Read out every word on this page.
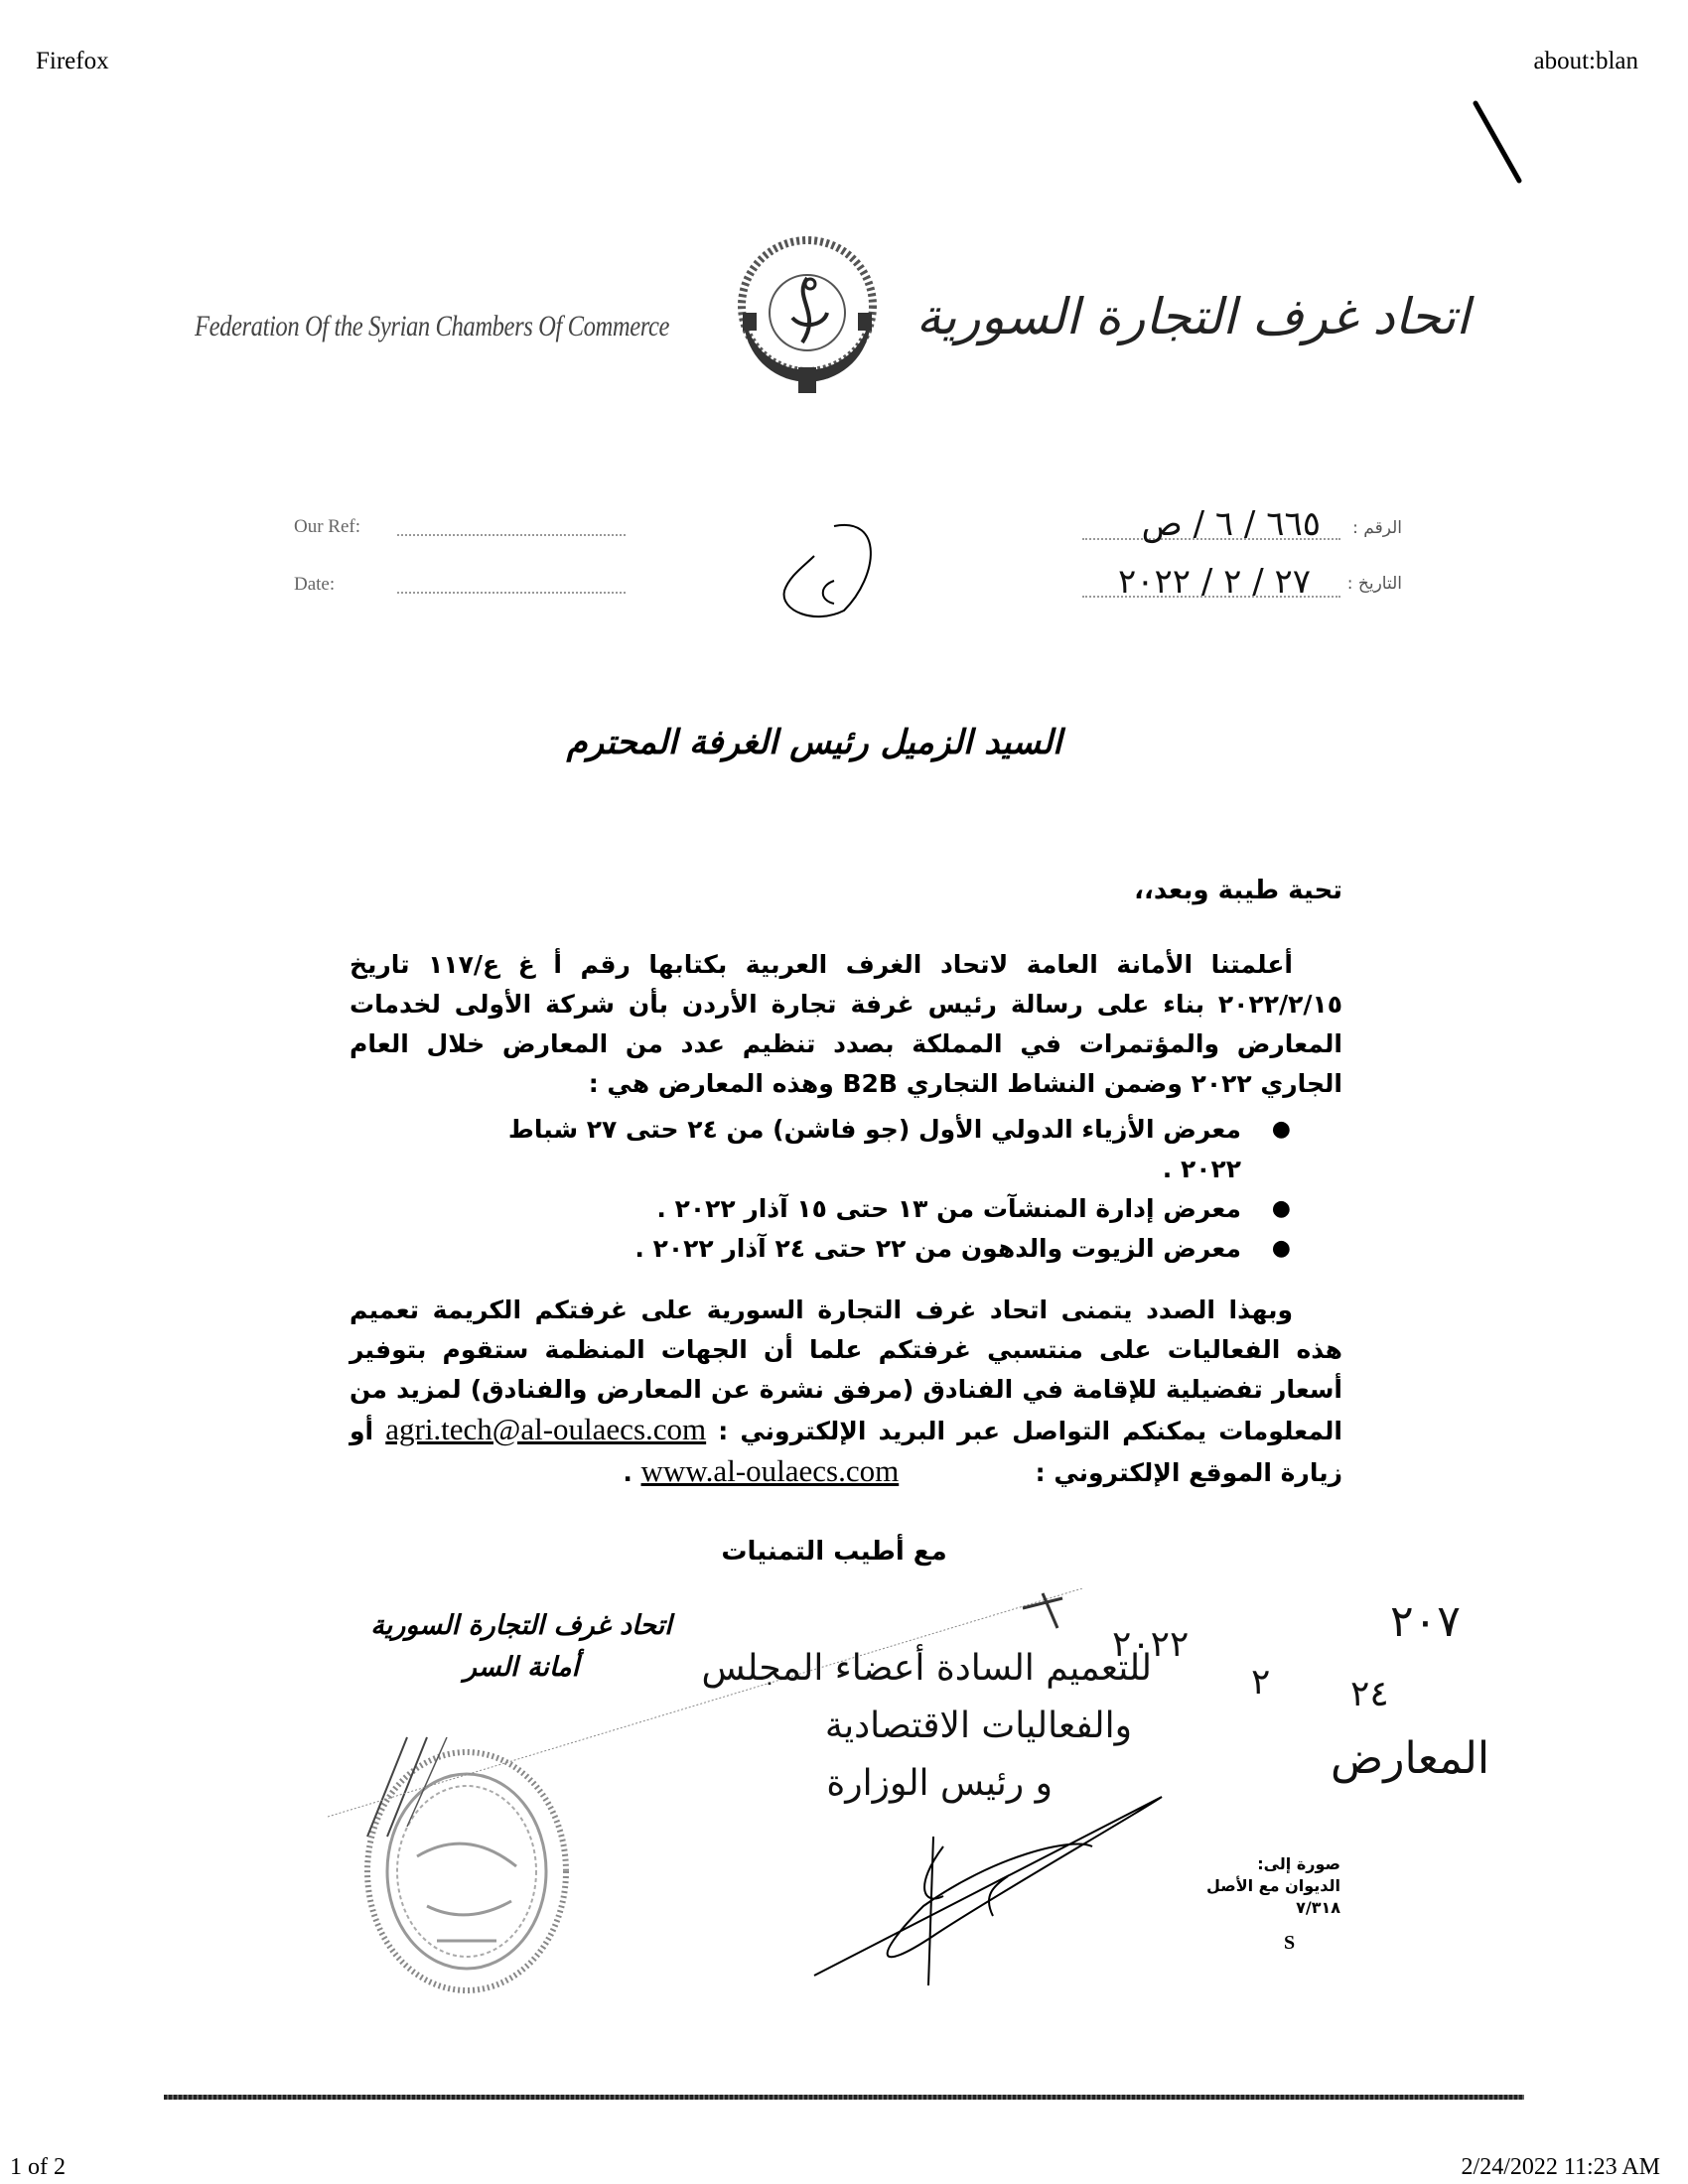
Firefox	about:blan
Federation Of the Syrian Chambers Of Commerce	اتحاد غرف التجارة السورية
Our Ref:
Date:
الرقم :
٦٦٥ / ٦ / ص
التاريخ :
٢٧ / ٢ / ٢٠٢٢
السيد الزميل رئيس الغرفة المحترم
تحية طيبة وبعد،،
أعلمتنا الأمانة العامة لاتحاد الغرف العربية بكتابها رقم أ غ ع/١١٧ تاريخ ٢٠٢٢/٢/١٥ بناء على رسالة رئيس غرفة تجارة الأردن بأن شركة الأولى لخدمات المعارض والمؤتمرات في المملكة بصدد تنظيم عدد من المعارض خلال العام الجاري ٢٠٢٢ وضمن النشاط التجاري B2B وهذه المعارض هي :
●
معرض الأزياء الدولي الأول (جو فاشن) من ٢٤ حتى ٢٧ شباط ٢٠٢٢ .
●
معرض إدارة المنشآت من ١٣ حتى ١٥ آذار ٢٠٢٢ .
●
معرض الزيوت والدهون من ٢٢ حتى ٢٤ آذار ٢٠٢٢ .
وبهذا الصدد يتمنى اتحاد غرف التجارة السورية على غرفتكم الكريمة تعميم هذه الفعاليات على منتسبي غرفتكم علما أن الجهات المنظمة ستقوم بتوفير أسعار تفضيلية للإقامة في الفنادق (مرفق نشرة عن المعارض والفنادق) لمزيد من المعلومات يمكنكم التواصل عبر البريد الإلكتروني : agri.tech@al-oulaecs.com أو زيارة الموقع الإلكتروني :  www.al-oulaecs.com .
مع أطيب التمنيات
اتحاد غرف التجارة السورية
أمانة السر	للتعميم السادة أعضاء المجلس
والفعاليات الاقتصادية
و رئيس الوزارة
٢٠٢٢
٢ ٢٤
٢٠٧
المعارض
صورة إلى:
الديوان مع الأصل
٧/٣١٨
S
1 of 2	2/24/2022 11:23 AM
